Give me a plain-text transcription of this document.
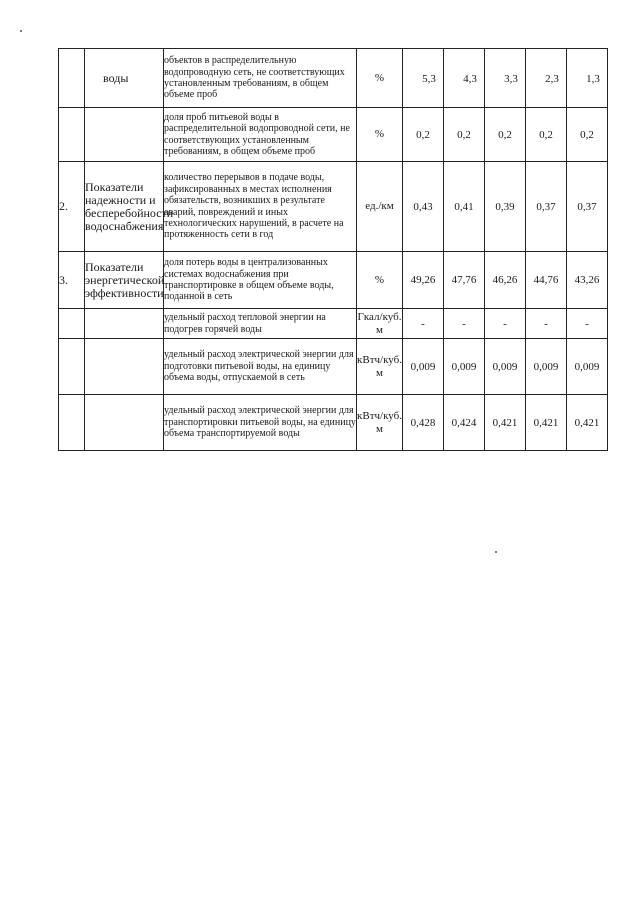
	воды	объектов в распределительную водопроводную сеть, не соответствующих установленным требованиям, в общем объеме проб	%	5,3	4,3	3,3	2,3	1,3
		доля проб питьевой воды в распределительной водопроводной сети, не соответствующих установленным требованиям, в общем объеме проб	%	0,2	0,2	0,2	0,2	0,2
2.	Показатели надежности и бесперебойности водоснабжения	количество перерывов в подаче воды, зафиксированных в местах исполнения обязательств, возникших в результате аварий, повреждений и иных технологических нарушений, в расчете на протяженность сети в год	ед./км	0,43	0,41	0,39	0,37	0,37
3.	Показатели энергетической эффективности	доля потерь воды в централизованных системах водоснабжения при транспортировке в общем объеме воды, поданной в сеть	%	49,26	47,76	46,26	44,76	43,26
		удельный расход тепловой энергии на подогрев горячей воды	Гкал/куб. м	-	-	-	-	-
		удельный расход электрической энергии для подготовки питьевой воды, на единицу объема воды, отпускаемой в сеть	кВтч/куб. м	0,009	0,009	0,009	0,009	0,009
		удельный расход электрической энергии для транспортировки питьевой воды, на единицу объема транспортируемой воды	кВтч/куб. м	0,428	0,424	0,421	0,421	0,421
